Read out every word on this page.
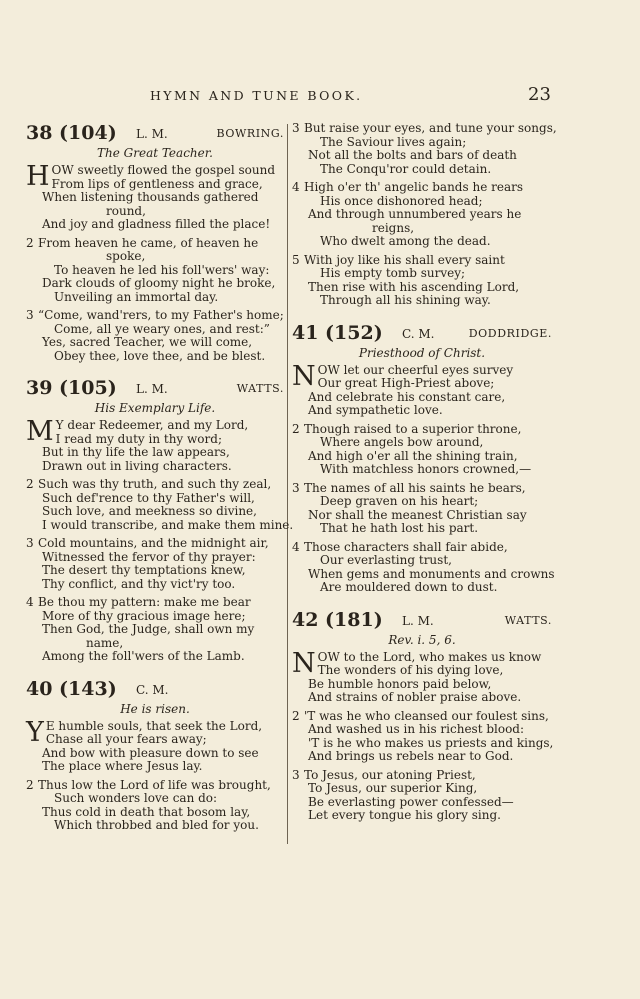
HYMN AND TUNE BOOK.	23
38 (104) L. M.	BOWRING.
The Great Teacher.
H OW sweetly flowed the gospel sound
From lips of gentleness and grace,
When listening thousands gathered
round,
And joy and gladness filled the place!
2 From heaven he came, of heaven he
spoke,
To heaven he led his foll'wers' way:
Dark clouds of gloomy night he broke,
Unveiling an immortal day.
3 “Come, wand'rers, to my Father's home;
Come, all ye weary ones, and rest:”
Yes, sacred Teacher, we will come,
Obey thee, love thee, and be blest.
39 (105) L. M.	WATTS.
His Exemplary Life.
M Y dear Redeemer, and my Lord,
I read my duty in thy word;
But in thy life the law appears,
Drawn out in living characters.
2 Such was thy truth, and such thy zeal,
Such def'rence to thy Father's will,
Such love, and meekness so divine,
I would transcribe, and make them mine.
3 Cold mountains, and the midnight air,
Witnessed the fervor of thy prayer:
The desert thy temptations knew,
Thy conflict, and thy vict'ry too.
4 Be thou my pattern: make me bear
More of thy gracious image here;
Then God, the Judge, shall own my
name,
Among the foll'wers of the Lamb.
40 (143) C. M.
He is risen.
Y E humble souls, that seek the Lord,
Chase all your fears away;
And bow with pleasure down to see
The place where Jesus lay.
2 Thus low the Lord of life was brought,
Such wonders love can do:
Thus cold in death that bosom lay,
Which throbbed and bled for you.
3 But raise your eyes, and tune your songs,
The Saviour lives again;
Not all the bolts and bars of death
The Conqu'ror could detain.
4 High o'er th' angelic bands he rears
His once dishonored head;
And through unnumbered years he
reigns,
Who dwelt among the dead.
5 With joy like his shall every saint
His empty tomb survey;
Then rise with his ascending Lord,
Through all his shining way.
41 (152) C. M.	DODDRIDGE.
Priesthood of Christ.
N OW let our cheerful eyes survey
Our great High-Priest above;
And celebrate his constant care,
And sympathetic love.
2 Though raised to a superior throne,
Where angels bow around,
And high o'er all the shining train,
With matchless honors crowned,—
3 The names of all his saints he bears,
Deep graven on his heart;
Nor shall the meanest Christian say
That he hath lost his part.
4 Those characters shall fair abide,
Our everlasting trust,
When gems and monuments and crowns
Are mouldered down to dust.
42 (181) L. M.	WATTS.
Rev. i. 5, 6.
N OW to the Lord, who makes us know
The wonders of his dying love,
Be humble honors paid below,
And strains of nobler praise above.
2 'T was he who cleansed our foulest sins,
And washed us in his richest blood:
'T is he who makes us priests and kings,
And brings us rebels near to God.
3 To Jesus, our atoning Priest,
To Jesus, our superior King,
Be everlasting power confessed—
Let every tongue his glory sing.
